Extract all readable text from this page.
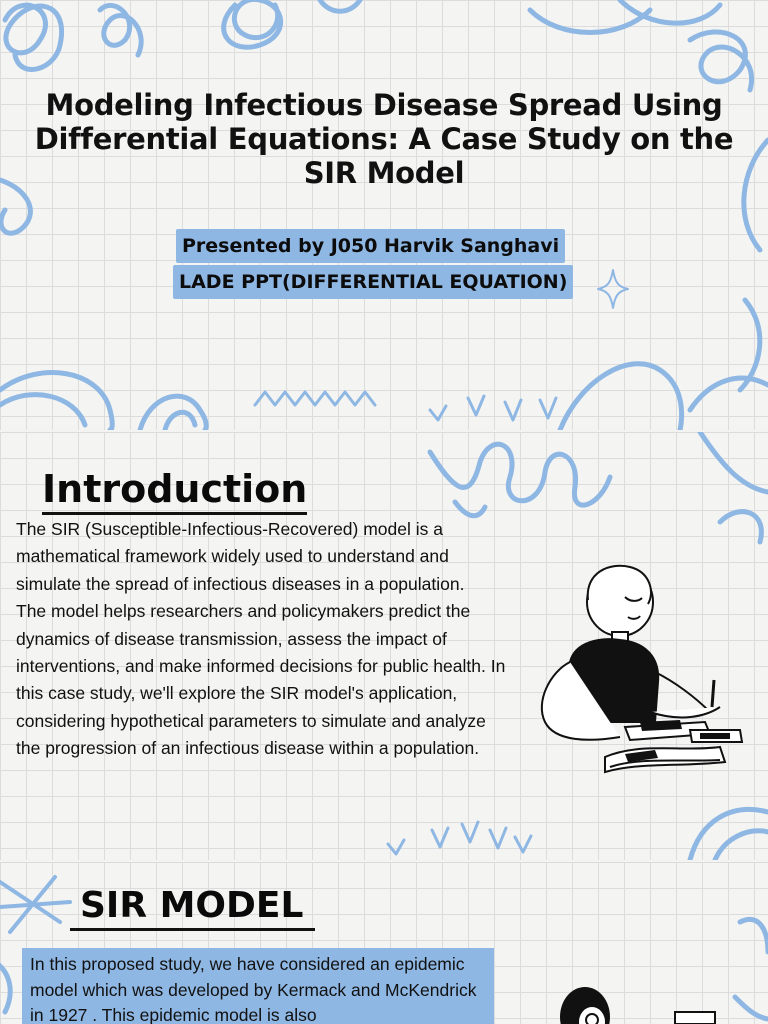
Modeling Infectious Disease Spread Using
Differential Equations: A Case Study on the
SIR Model
Presented by J050 Harvik Sanghavi
LADE PPT(DIFFERENTIAL EQUATION)
Introduction

The SIR (Susceptible-Infectious-Recovered) model is a mathematical framework widely used to understand and simulate the spread of infectious diseases in a population.

The model helps researchers and policymakers predict the dynamics of disease transmission, assess the impact of interventions, and make informed decisions for public health. In this case study, we'll explore the SIR model's application, considering hypothetical parameters to simulate and analyze the progression of an infectious disease within a population.

SIR MODEL
In this proposed study, we have considered an epidemic model which was developed by Kermack and McKendrick in 1927 . This epidemic model is also
